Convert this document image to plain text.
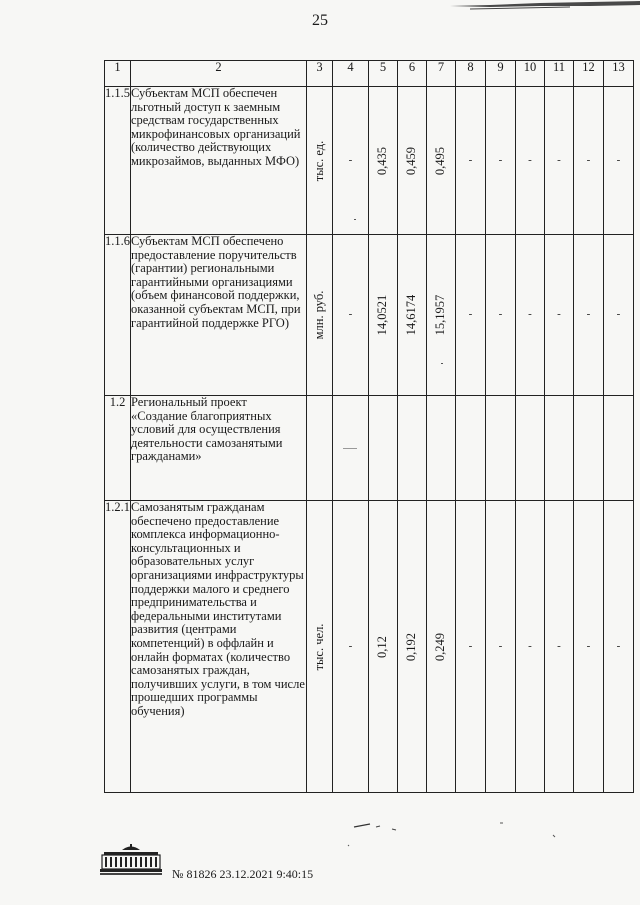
25
1	2	3	4	5	6	7	8	9	10	11	12	13
1.1.5	Субъектам МСП обеспечен льготный доступ к заемным средствам государственных микрофинансовых организаций (количество действующих микрозаймов, выданных МФО)	тыс. ед.	-	0,435	0,459	0,495	-	-	-	-	-	-

1.1.6	Субъектам МСП обеспечено предоставление поручительств (гарантии) региональными гарантийными организациями (объем финансовой поддержки, оказанной субъектам МСП, при гарантийной поддержке РГО)	млн. руб.	-	14,0521	14,6174	15,1957	-	-	-	-	-	-

1.2	Региональный проект «Создание благоприятных условий для осуществления деятельности самозанятыми гражданами»		

1.2.1	Самозанятым гражданам обеспечено предоставление комплекса информационно-консультационных и образовательных услуг организациями инфраструктуры поддержки малого и среднего предпринимательства и федеральными институтами развития (центрами компетенций) в оффлайн и онлайн форматах (количество самозанятых граждан, получивших услуги, в том числе прошедших программы обучения)	тыс. чел.	-	0,12	0,192	0,249	-	-	-	-	-	-
№ 81826 23.12.2021 9:40:15
